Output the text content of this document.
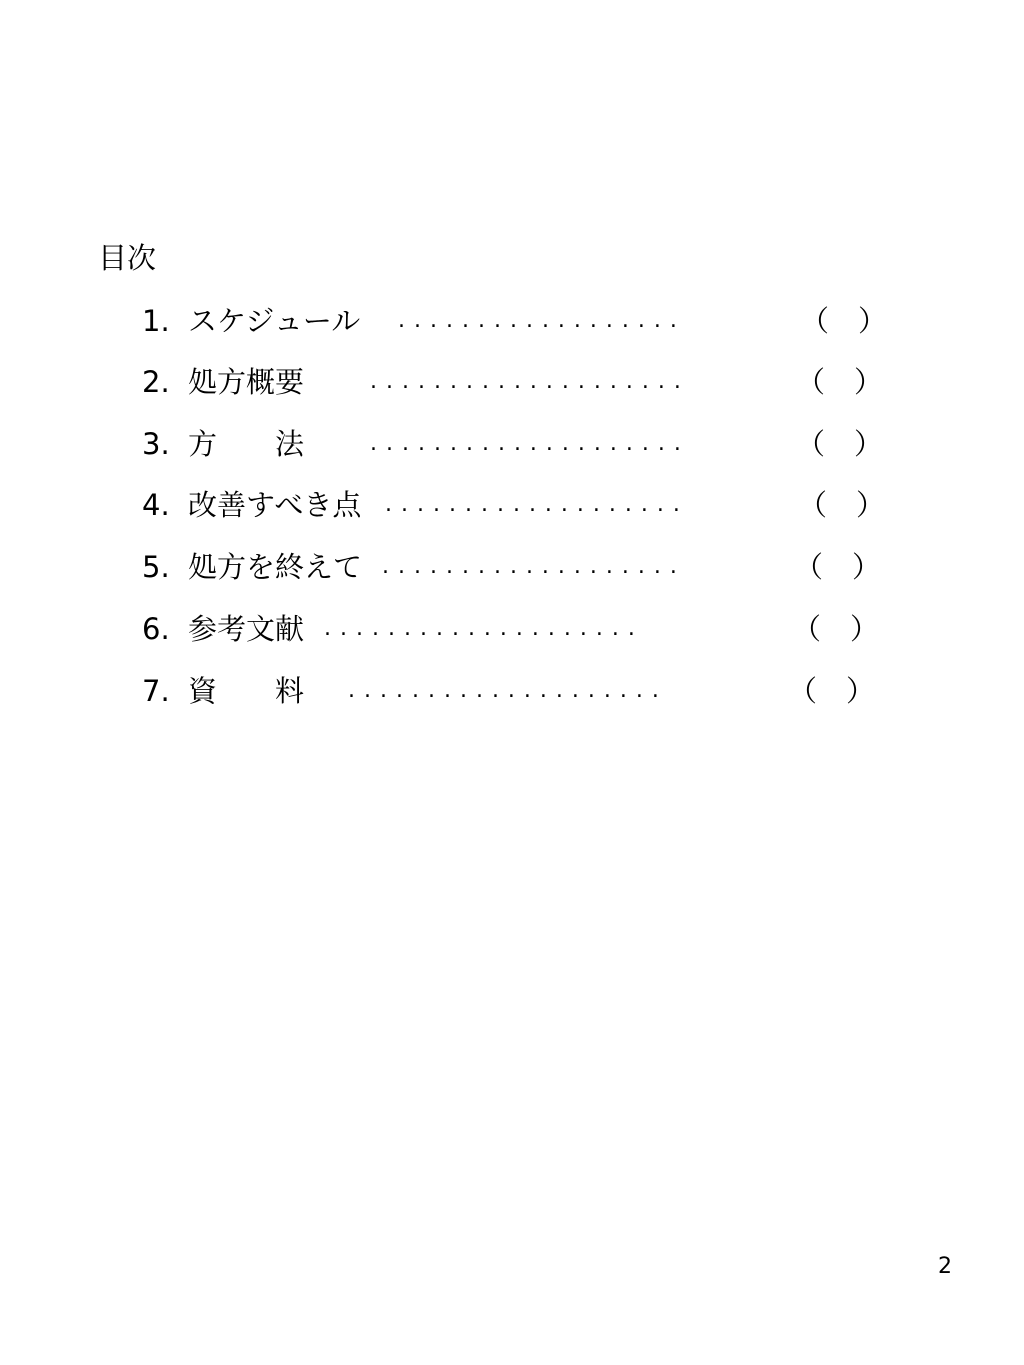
目次
1. スケジュール ..................	（　）
2. 処方概要	....................	（　）
3. 方　　法	....................	（　）
4. 改善すべき点 ...................	（　）
5. 処方を終えて ...................	（　）
6. 参考文献 ....................	（　）
7. 資　　料 ....................	（　）
2
